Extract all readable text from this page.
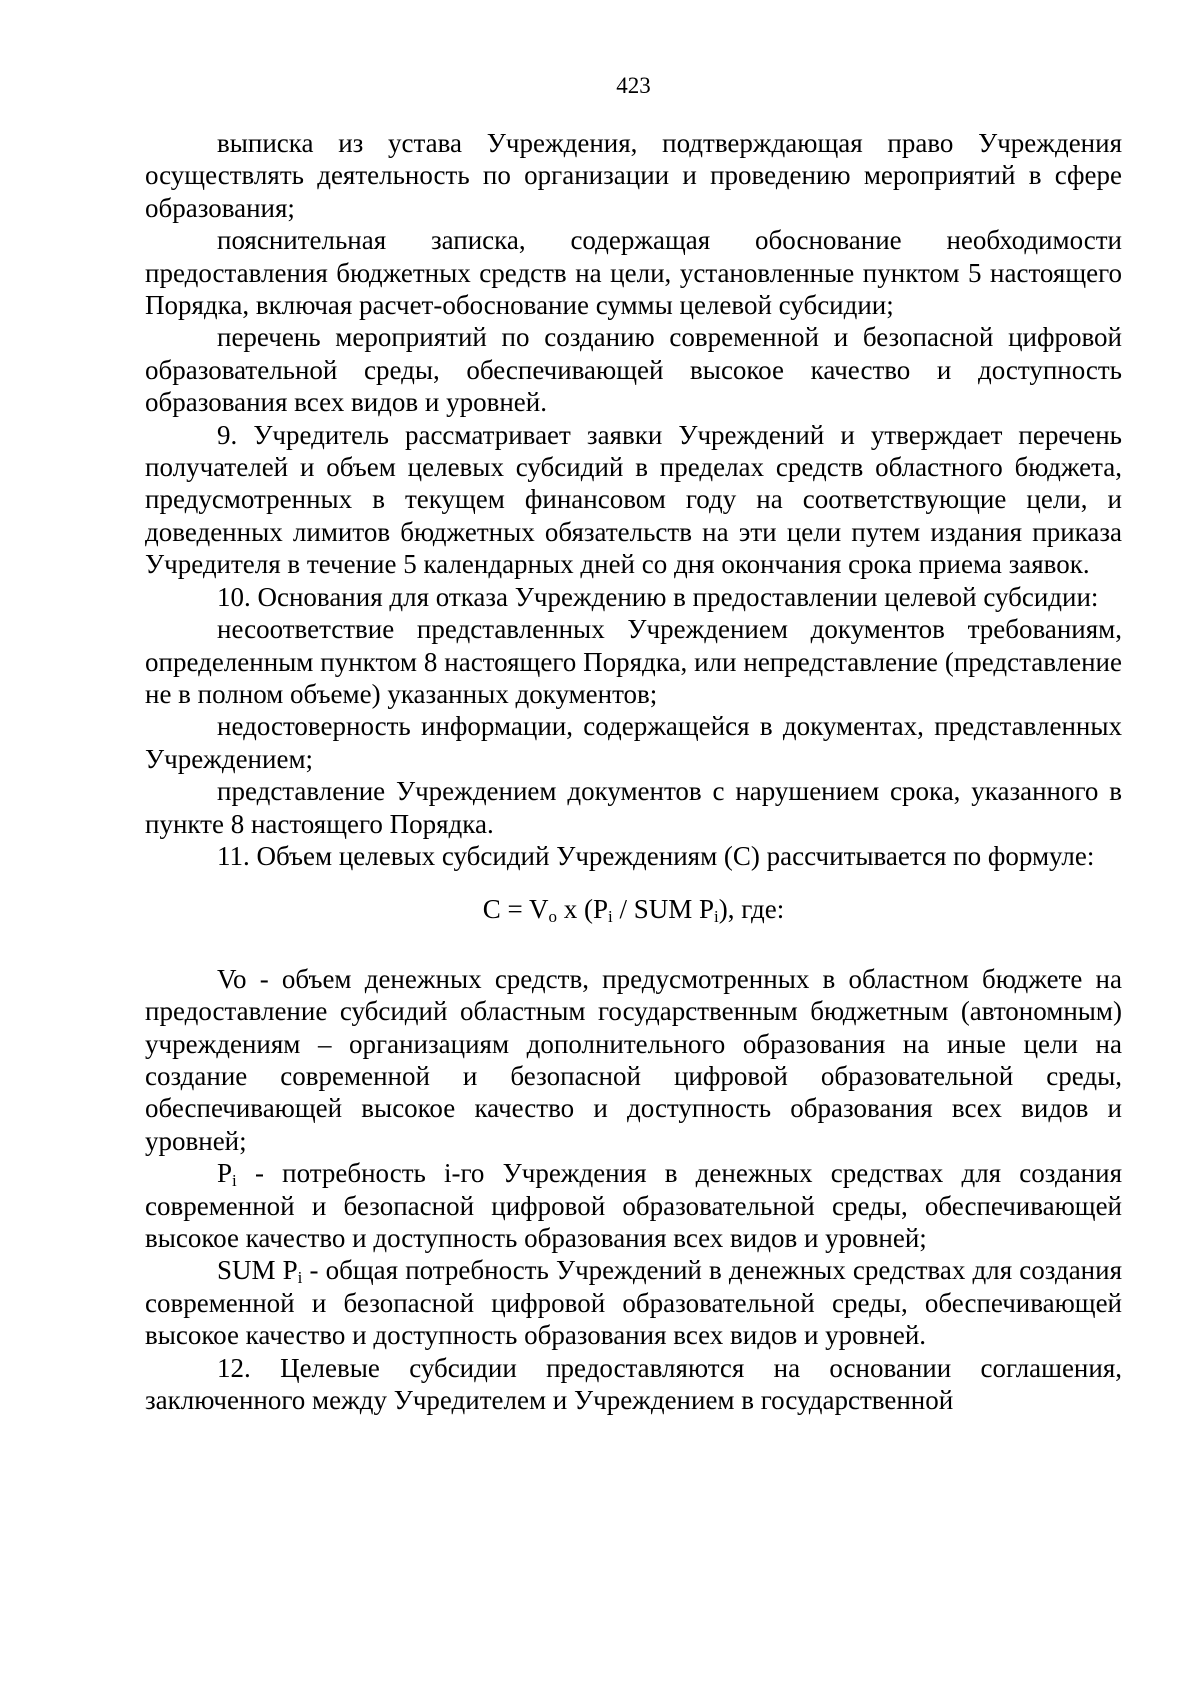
423

выписка из устава Учреждения, подтверждающая право Учреждения осуществлять деятельность по организации и проведению мероприятий в сфере образования;

пояснительная записка, содержащая обоснование необходимости предоставления бюджетных средств на цели, установленные пунктом 5 настоящего Порядка, включая расчет-обоснование суммы целевой субсидии;

перечень мероприятий по созданию современной и безопасной цифровой образовательной среды, обеспечивающей высокое качество и доступность образования всех видов и уровней.

9. Учредитель рассматривает заявки Учреждений и утверждает перечень получателей и объем целевых субсидий в пределах средств областного бюджета, предусмотренных в текущем финансовом году на соответствующие цели, и доведенных лимитов бюджетных обязательств на эти цели путем издания приказа Учредителя в течение 5 календарных дней со дня окончания срока приема заявок.

10. Основания для отказа Учреждению в предоставлении целевой субсидии:

несоответствие представленных Учреждением документов требованиям, определенным пунктом 8 настоящего Порядка, или непредставление (представление не в полном объеме) указанных документов;

недостоверность информации, содержащейся в документах, представленных Учреждением;

представление Учреждением документов с нарушением срока, указанного в пункте 8 настоящего Порядка.

11. Объем целевых субсидий Учреждениям (C) рассчитывается по формуле:

$C = V_o$ x ($P_i$ / SUM $P_i$), где:

Vo - объем денежных средств, предусмотренных в областном бюджете на предоставление субсидий областным государственным бюджетным (автономным) учреждениям – организациям дополнительного образования на иные цели на создание современной и безопасной цифровой образовательной среды, обеспечивающей высокое качество и доступность образования всех видов и уровней;

$P_i$ - потребность i-го Учреждения в денежных средствах для создания современной и безопасной цифровой образовательной среды, обеспечивающей высокое качество и доступность образования всех видов и уровней;

SUM $P_i$ - общая потребность Учреждений в денежных средствах для создания современной и безопасной цифровой образовательной среды, обеспечивающей высокое качество и доступность образования всех видов и уровней.

12. Целевые субсидии предоставляются на основании соглашения, заключенного между Учредителем и Учреждением в государственной
